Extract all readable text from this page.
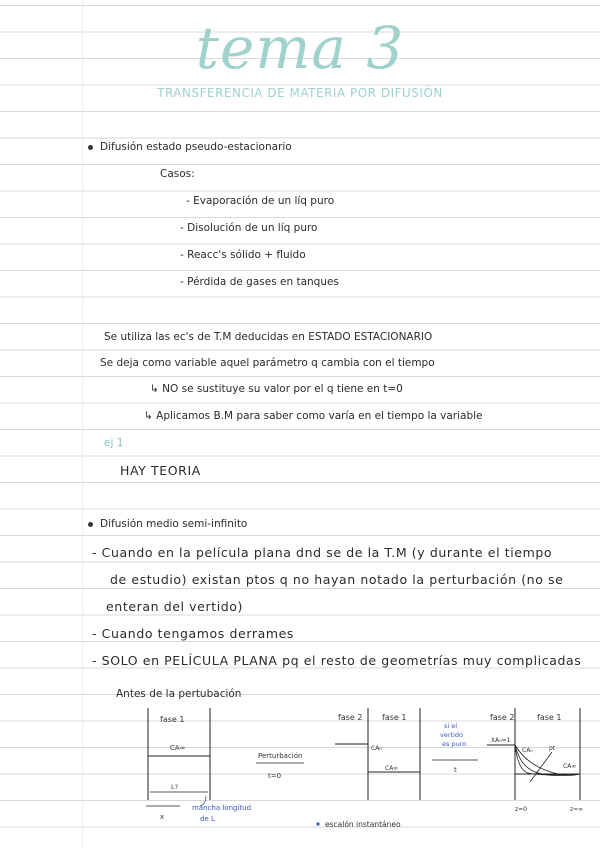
tema 3
TRANSFERENCIA DE MATERIA POR DIFUSIÓN
Difusión estado pseudo-estacionario
Casos:
- Evaporación de un líq puro
- Disolución de un líq puro
- Reacc's sólido + fluido
- Pérdida de gases en tanques
Se utiliza las ec's de T.M deducidas en ESTADO ESTACIONARIO
Se deja como variable aquel parámetro q cambia con el tiempo
↳ NO se sustituye su valor por el q tiene en t=0
↳ Aplicamos B.M para saber como varía en el tiempo la variable
ej 1
HAY TEORIA
Difusión medio semi-infinito
- Cuando en la película plana dnd se de la T.M (y durante el tiempo
de estudio) existan ptos q no hayan notado la perturbación (no se
enteran del vertido)
- Cuando tengamos derrames
- SOLO en PELÍCULA PLANA pq el resto de geometrías muy complicadas
Antes de la pertubación
fase 1
CA∞
L?
x
mancha longitud
de L
Perturbación
t=0
fase 2 fase 1
CA₀
CA∞
si el
vertido
es puro
t
fase 2	fase 1
XA₀=1
CA₀	pt
CA∞
z=0	z=∞
escalón instantáneo
